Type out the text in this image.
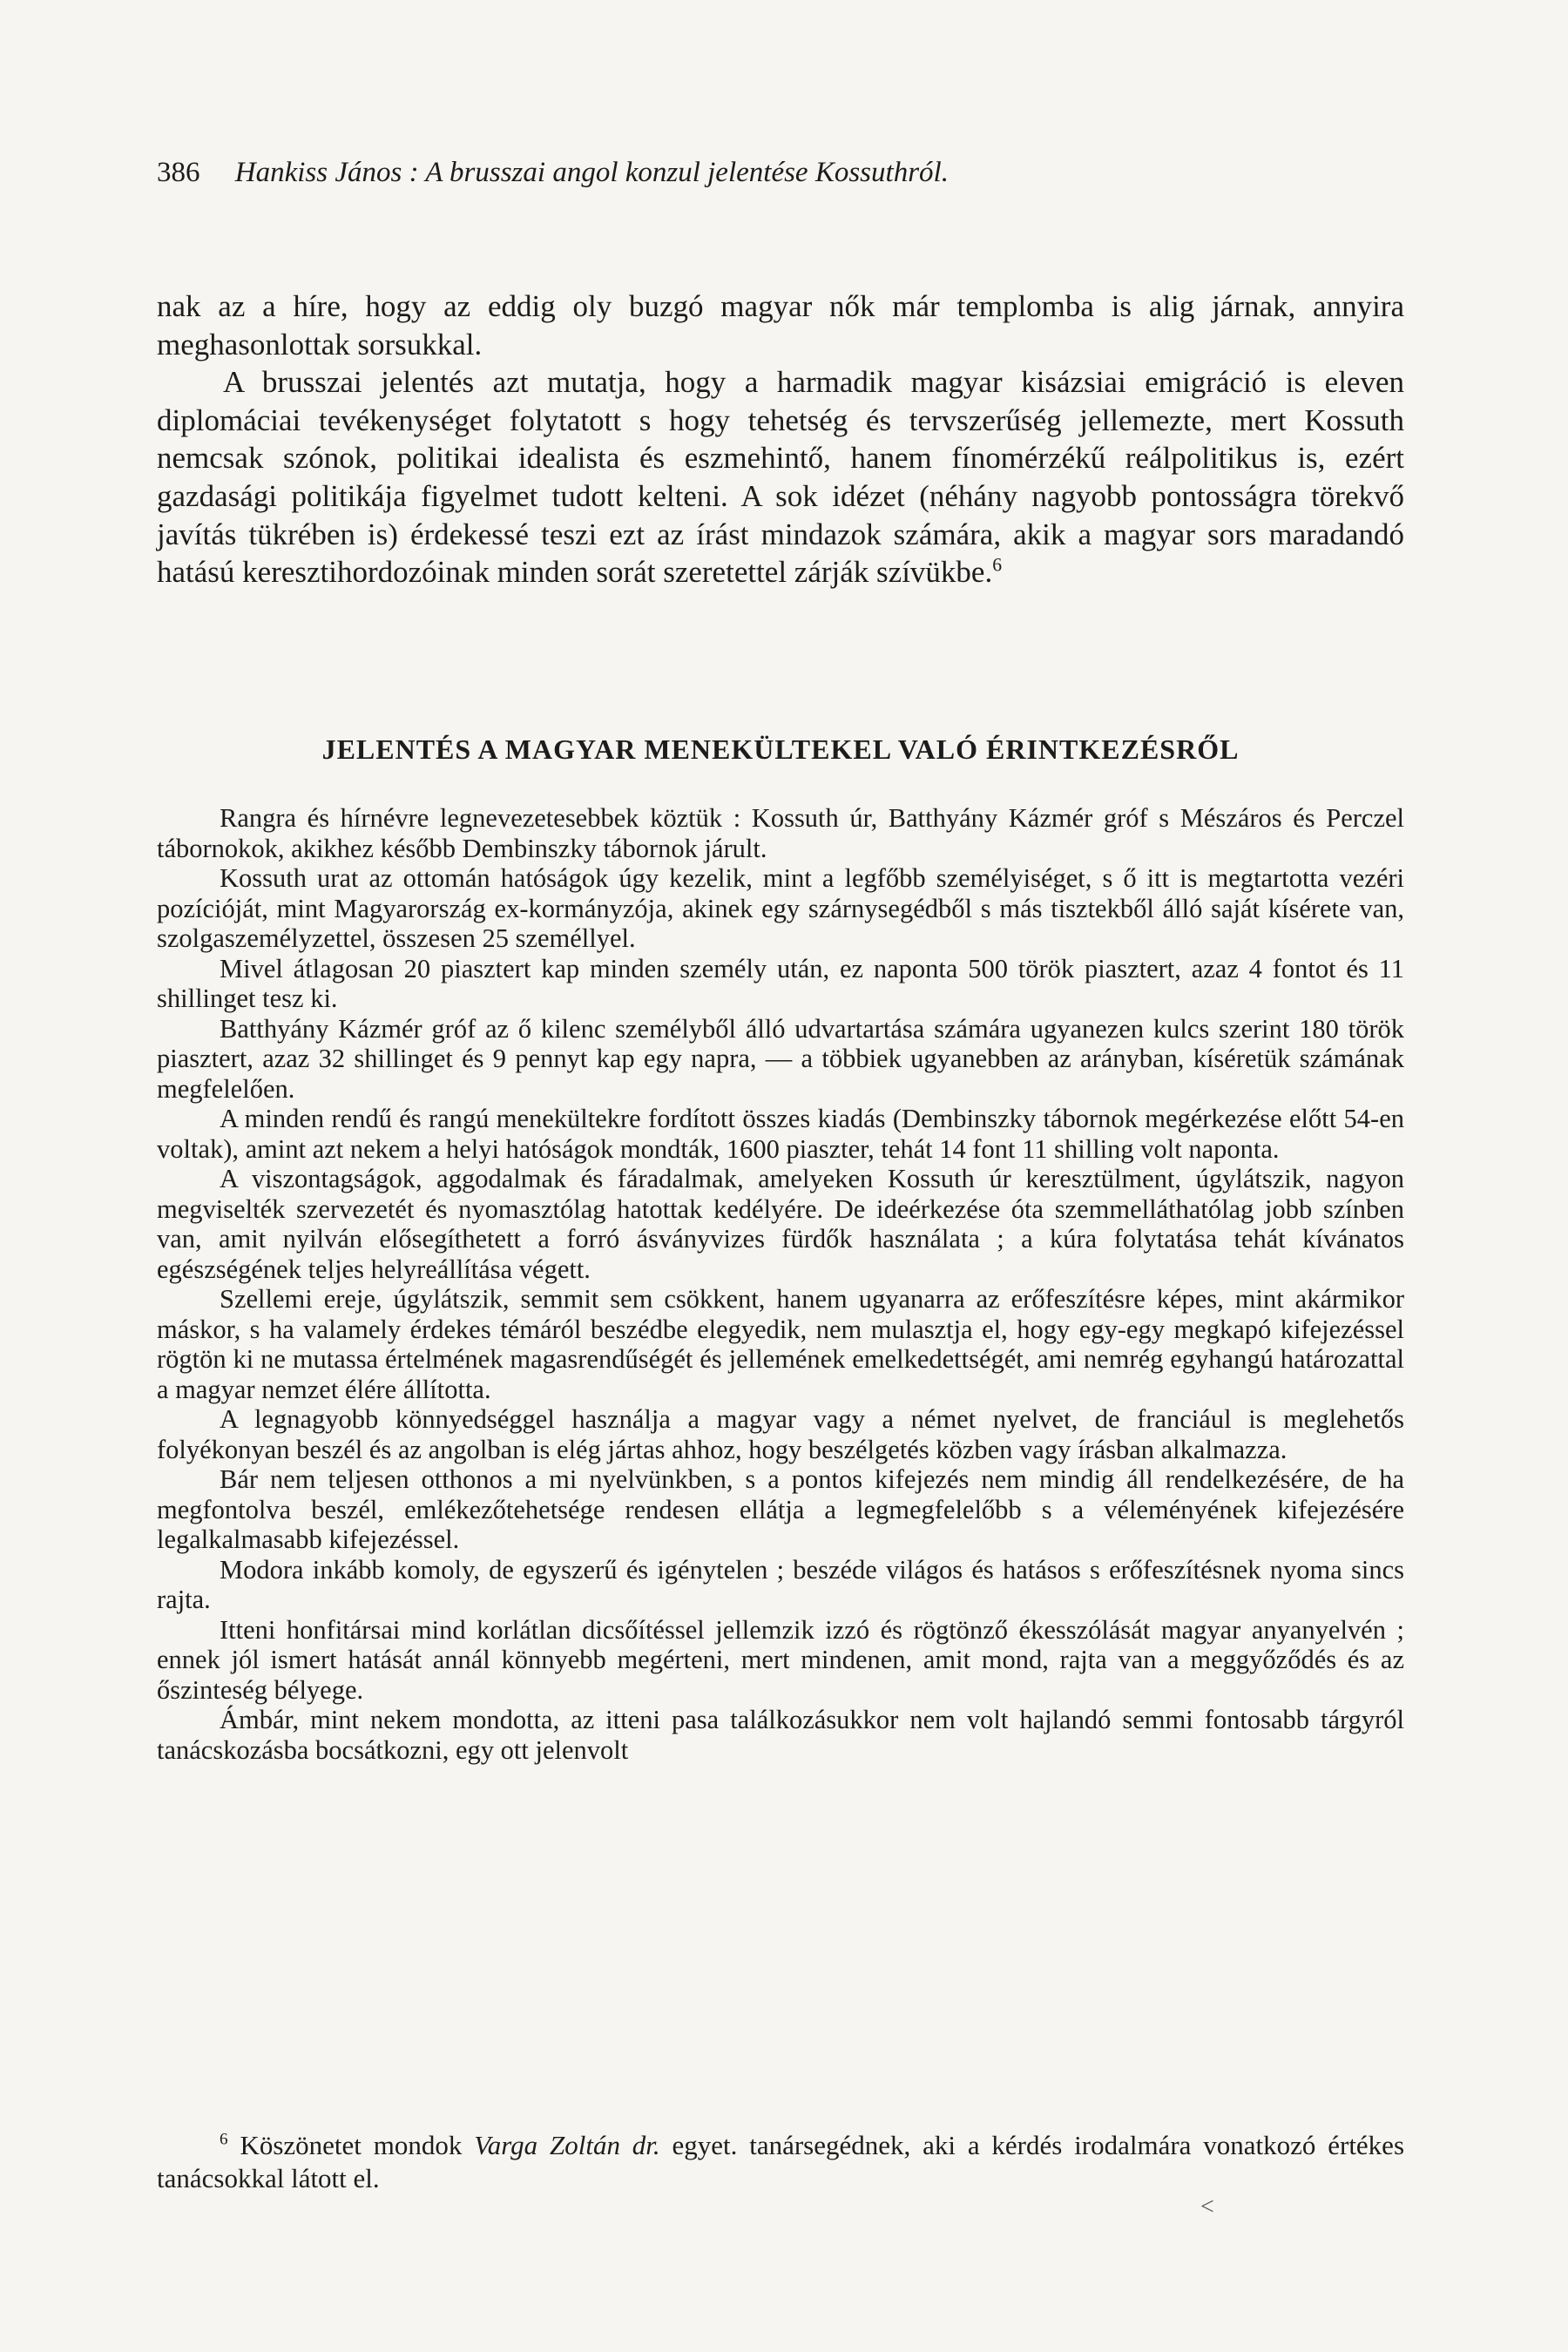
386 Hankiss János : A brusszai angol konzul jelentése Kossuthról.

nak az a híre, hogy az eddig oly buzgó magyar nők már templomba is alig járnak, annyira meghasonlottak sorsukkal.

A brusszai jelentés azt mutatja, hogy a harmadik magyar kisázsiai emigráció is eleven diplomáciai tevékenységet folytatott s hogy tehetség és tervszerűség jellemezte, mert Kossuth nemcsak szónok, politikai idealista és eszmehintő, hanem fínomérzékű reálpolitikus is, ezért gazdasági politikája figyelmet tudott kelteni. A sok idézet (néhány nagyobb pontosságra törekvő javítás tükrében is) érdekessé teszi ezt az írást mindazok számára, akik a magyar sors maradandó hatású keresztihordozóinak minden sorát szeretettel zárják szívükbe.$^6$

JELENTÉS A MAGYAR MENEKÜLTEKEL VALÓ ÉRINTKEZÉSRŐL

Rangra és hírnévre legnevezetesebbek köztük : Kossuth úr, Batthyány Kázmér gróf s Mészáros és Perczel tábornokok, akikhez később Dembinszky tábornok járult.

Kossuth urat az ottomán hatóságok úgy kezelik, mint a legfőbb személyiséget, s ő itt is megtartotta vezéri pozícióját, mint Magyarország ex-kormányzója, akinek egy szárnysegédből s más tisztekből álló saját kísérete van, szolgaszemélyzettel, összesen 25 személlyel.

Mivel átlagosan 20 piasztert kap minden személy után, ez naponta 500 török piasztert, azaz 4 fontot és 11 shillinget tesz ki.

Batthyány Kázmér gróf az ő kilenc személyből álló udvartartása számára ugyanezen kulcs szerint 180 török piasztert, azaz 32 shillinget és 9 pennyt kap egy napra, — a többiek ugyanebben az arányban, kíséretük számának megfelelően.

A minden rendű és rangú menekültekre fordított összes kiadás (Dembinszky tábornok megérkezése előtt 54-en voltak), amint azt nekem a helyi hatóságok mondták, 1600 piaszter, tehát 14 font 11 shilling volt naponta.

A viszontagságok, aggodalmak és fáradalmak, amelyeken Kossuth úr keresztülment, úgylátszik, nagyon megviselték szervezetét és nyomasztólag hatottak kedélyére. De ideérkezése óta szemmelláthatólag jobb színben van, amit nyilván elősegíthetett a forró ásványvizes fürdők használata ; a kúra folytatása tehát kívánatos egészségének teljes helyreállítása végett.

Szellemi ereje, úgylátszik, semmit sem csökkent, hanem ugyanarra az erőfeszítésre képes, mint akármikor máskor, s ha valamely érdekes témáról beszédbe elegyedik, nem mulasztja el, hogy egy-egy megkapó kifejezéssel rögtön ki ne mutassa értelmének magasrendűségét és jellemének emelkedettségét, ami nemrég egyhangú határozattal a magyar nemzet élére állította.

A legnagyobb könnyedséggel használja a magyar vagy a német nyelvet, de franciául is meglehetős folyékonyan beszél és az angolban is elég jártas ahhoz, hogy beszélgetés közben vagy írásban alkalmazza.

Bár nem teljesen otthonos a mi nyelvünkben, s a pontos kifejezés nem mindig áll rendelkezésére, de ha megfontolva beszél, emlékezőtehetsége rendesen ellátja a legmegfelelőbb s a véleményének kifejezésére legalkalmasabb kifejezéssel.

Modora inkább komoly, de egyszerű és igénytelen ; beszéde világos és hatásos s erőfeszítésnek nyoma sincs rajta.

Itteni honfitársai mind korlátlan dicsőítéssel jellemzik izzó és rögtönző ékesszólását magyar anyanyelvén ; ennek jól ismert hatását annál könnyebb megérteni, mert mindenen, amit mond, rajta van a meggyőződés és az őszinteség bélyege.

Ámbár, mint nekem mondotta, az itteni pasa találkozásukkor nem volt hajlandó semmi fontosabb tárgyról tanácskozásba bocsátkozni, egy ott jelenvolt

$^6$ Köszönetet mondok Varga Zoltán dr. egyet. tanársegédnek, aki a kérdés irodalmára vonatkozó értékes tanácsokkal látott el.

<
